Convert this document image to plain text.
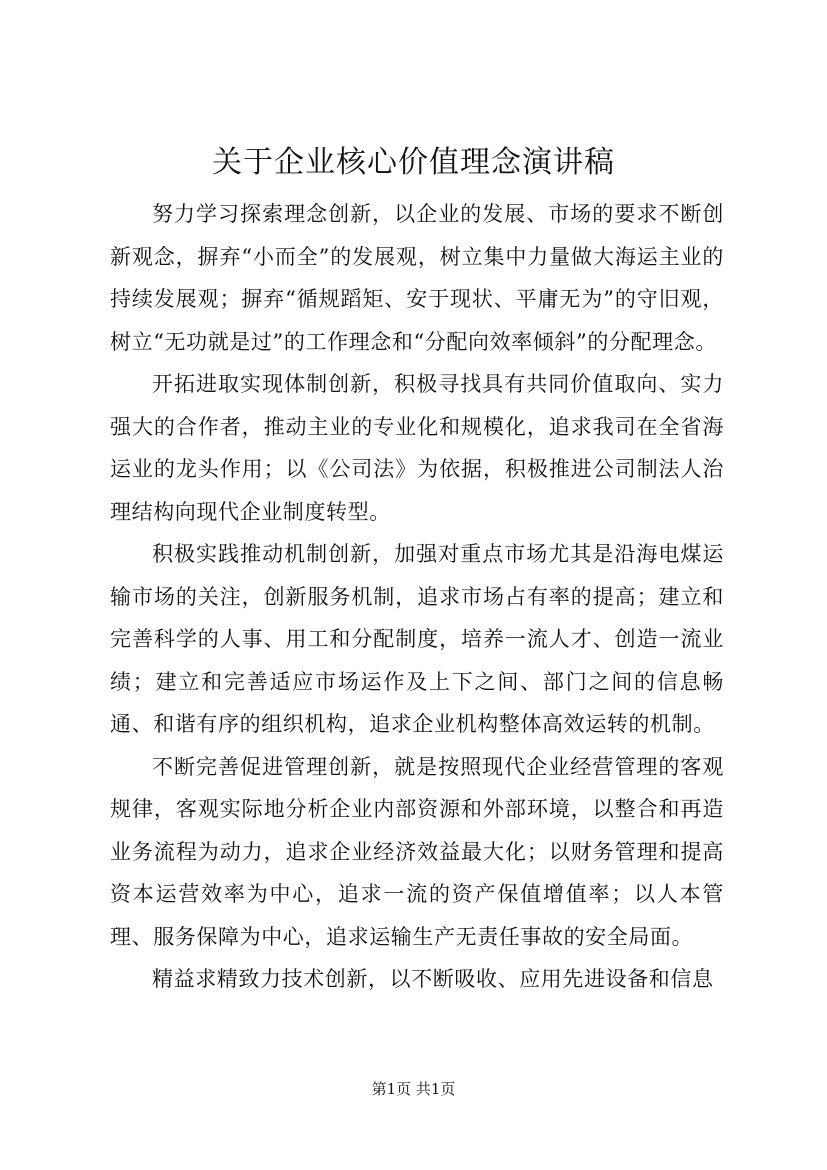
关于企业核心价值理念演讲稿

努力学习探索理念创新，以企业的发展、市场的要求不断创新观念，摒弃“小而全”的发展观，树立集中力量做大海运主业的持续发展观；摒弃“循规蹈矩、安于现状、平庸无为”的守旧观，树立“无功就是过”的工作理念和“分配向效率倾斜”的分配理念。

开拓进取实现体制创新，积极寻找具有共同价值取向、实力强大的合作者，推动主业的专业化和规模化，追求我司在全省海运业的龙头作用；以《公司法》为依据，积极推进公司制法人治理结构向现代企业制度转型。

积极实践推动机制创新，加强对重点市场尤其是沿海电煤运输市场的关注，创新服务机制，追求市场占有率的提高；建立和完善科学的人事、用工和分配制度，培养一流人才、创造一流业绩；建立和完善适应市场运作及上下之间、部门之间的信息畅通、和谐有序的组织机构，追求企业机构整体高效运转的机制。

不断完善促进管理创新，就是按照现代企业经营管理的客观规律，客观实际地分析企业内部资源和外部环境，以整合和再造业务流程为动力，追求企业经济效益最大化；以财务管理和提高资本运营效率为中心，追求一流的资产保值增值率；以人本管理、服务保障为中心，追求运输生产无责任事故的安全局面。

精益求精致力技术创新，以不断吸收、应用先进设备和信息

第1页 共1页
